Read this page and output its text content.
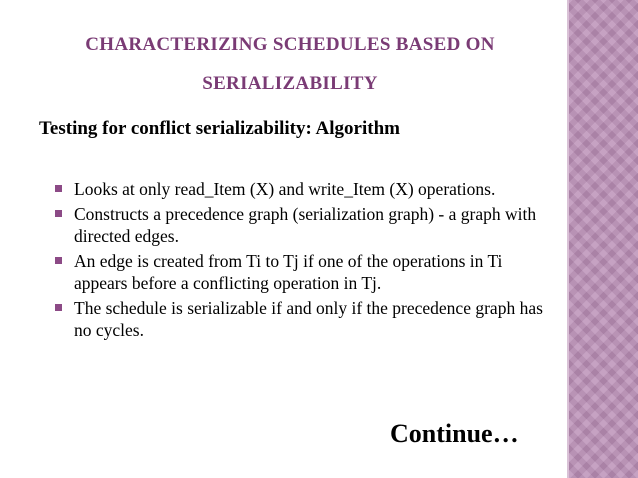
CHARACTERIZING SCHEDULES BASED ON
SERIALIZABILITY
Testing for conflict serializability: Algorithm
Looks at only read_Item (X) and write_Item (X) operations.
Constructs a precedence graph (serialization graph) - a graph with directed edges.
An edge is created from Ti to Tj if one of the operations in Ti appears before a conflicting operation in Tj.
The schedule is serializable if and only if the precedence graph has no cycles.

Continue…
